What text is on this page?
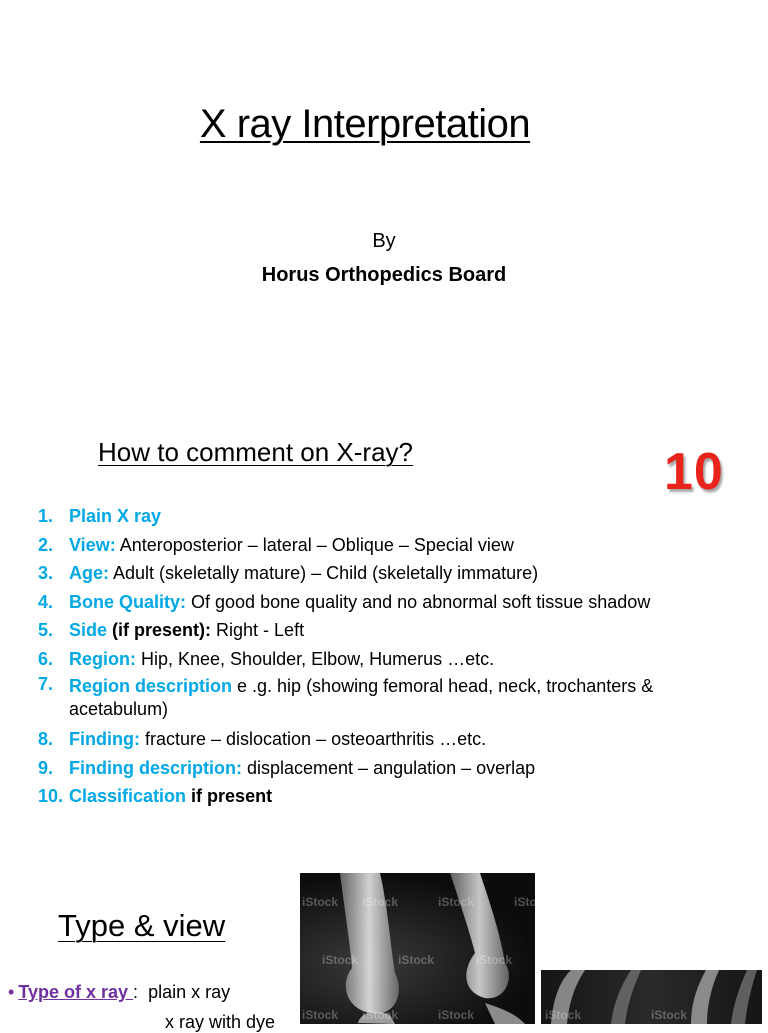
X ray Interpretation
By
Horus Orthopedics Board
How to comment on X-ray?	10
1. Plain X ray
2. View: Anteroposterior – lateral – Oblique – Special view
3. Age: Adult (skeletally mature) – Child (skeletally immature)
4. Bone Quality: Of good bone quality and no abnormal soft tissue shadow
5. Side (if present): Right - Left
6. Region: Hip, Knee, Shoulder, Elbow, Humerus …etc.
7. Region description e .g. hip (showing femoral head, neck, trochanters & acetabulum)
8. Finding: fracture – dislocation – osteoarthritis …etc.
9. Finding description: displacement – angulation – overlap
10. Classification if present
Type & view
• Type of x ray : plain x ray
x ray with dye
iStock iStock	iStock	iStock
iStock	iStock	iStock
iStock iStock	iStock	iStock	iStock
